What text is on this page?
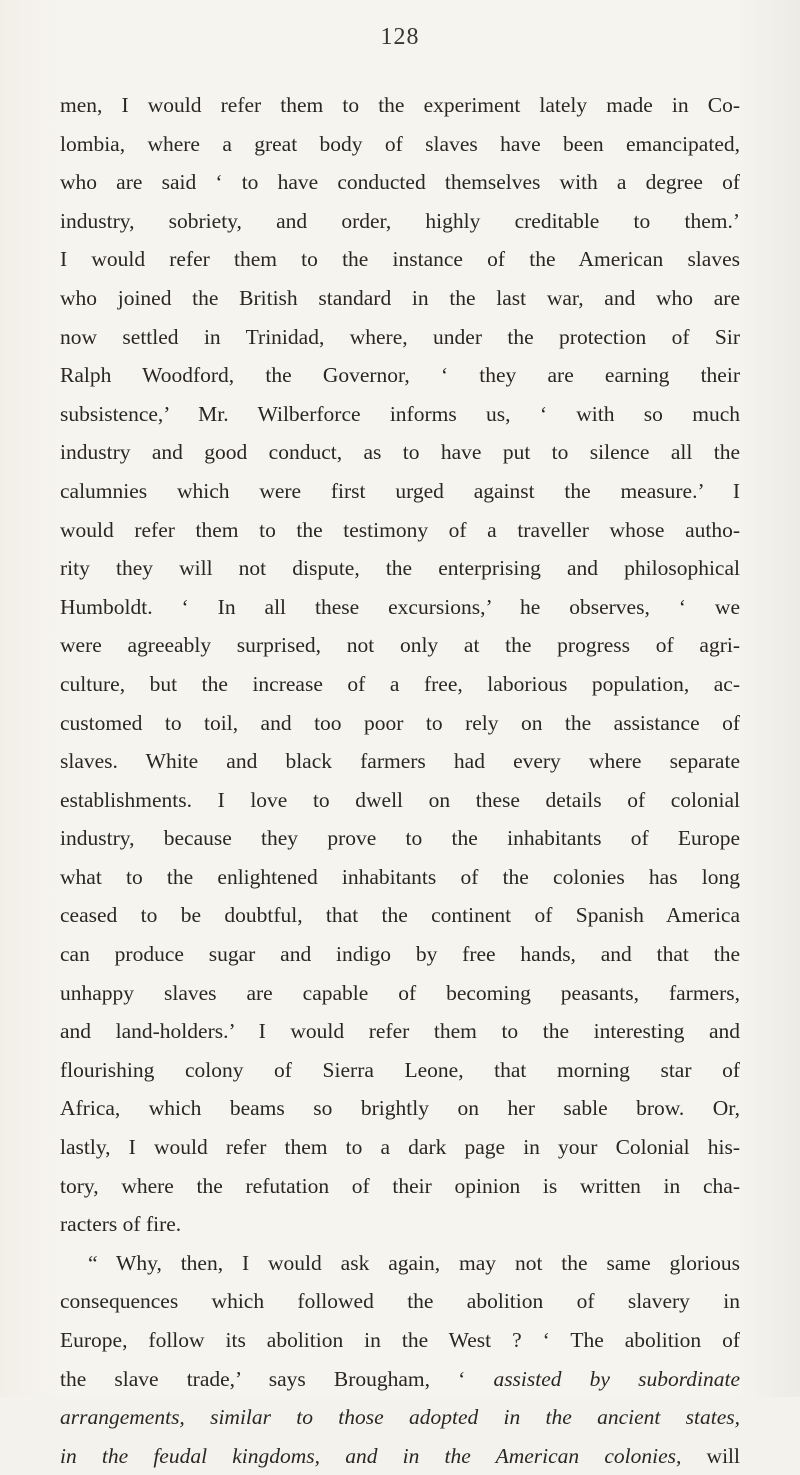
128
men, I would refer them to the experiment lately made in Co-
lombia, where a great body of slaves have been emancipated,
who are said ‘ to have conducted themselves with a degree of
industry, sobriety, and order, highly creditable to them.’
I would refer them to the instance of the American slaves
who joined the British standard in the last war, and who are
now settled in Trinidad, where, under the protection of Sir
Ralph Woodford, the Governor, ‘ they are earning their
subsistence,’ Mr. Wilberforce informs us, ‘ with so much
industry and good conduct, as to have put to silence all the
calumnies which were first urged against the measure.’ I
would refer them to the testimony of a traveller whose autho-
rity they will not dispute, the enterprising and philosophical
Humboldt. ‘ In all these excursions,’ he observes, ‘ we
were agreeably surprised, not only at the progress of agri-
culture, but the increase of a free, laborious population, ac-
customed to toil, and too poor to rely on the assistance of
slaves. White and black farmers had every where separate
establishments. I love to dwell on these details of colonial
industry, because they prove to the inhabitants of Europe
what to the enlightened inhabitants of the colonies has long
ceased to be doubtful, that the continent of Spanish America
can produce sugar and indigo by free hands, and that the
unhappy slaves are capable of becoming peasants, farmers,
and land-holders.’ I would refer them to the interesting and
flourishing colony of Sierra Leone, that morning star of
Africa, which beams so brightly on her sable brow. Or,
lastly, I would refer them to a dark page in your Colonial his-
tory, where the refutation of their opinion is written in cha-
racters of fire.
“ Why, then, I would ask again, may not the same glorious
consequences which followed the abolition of slavery in
Europe, follow its abolition in the West ? ‘ The abolition of
the slave trade,’ says Brougham, ‘ assisted by subordinate
arrangements, similar to those adopted in the ancient states,
in the feudal kingdoms, and in the American colonies, will
